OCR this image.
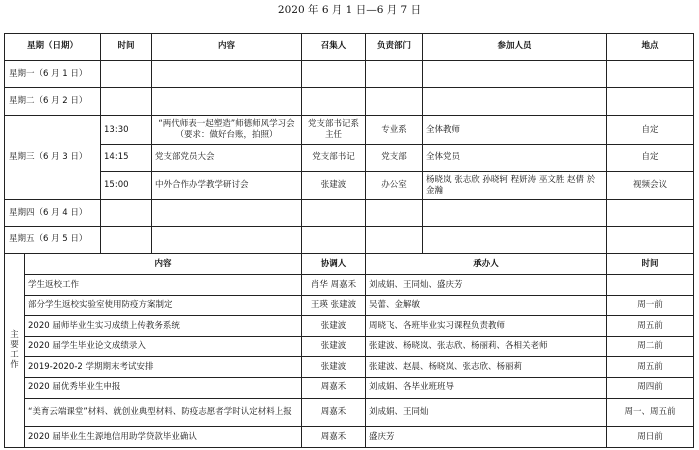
2020 年 6 月 1 日—6 月 7 日
星期（日期）		时间	内容	召集人	负责部门	参加人员	地点
星期一（6 月 1 日）							
星期二（6 月 2 日）							
星期三（6 月 3 日）		13:30	“两代师表一起塑造”师德师风学习会（要求：做好台账，拍照）	党支部书记系主任	专业系	全体教师	自定
		14:15	党支部党员大会	党支部书记	党支部	全体党员	自定
		15:00	中外合作办学教学研讨会	张建波	办公室	杨晓岚 张志欣 孙晓轲 程妍涛 巫文胜 赵倩 於金瀚	视频会议
星期四（6 月 4 日）							
星期五（6 月 5 日）							
主要工作	内容			协调人	承办人		时间
	学生返校工作			肖华 周嘉禾	刘成娟、王同灿、盛庆芳		
	部分学生返校实验室使用防疫方案制定			王瑛 张建波	吴蕾、金解敏		周一前
	2020 届师毕业生实习成绩上传教务系统			张建波	周晓飞、各班毕业实习课程负责教师		周五前
	2020 届学生毕业论文成绩录入			张建波	张建波、杨晓岚、张志欣、杨丽莉、各相关老师		周二前
	2019-2020-2 学期期末考试安排			张建波	张建波、赵晨、杨晓岚、张志欣、杨丽莉		周五前
	2020 届优秀毕业生申报			周嘉禾	刘成娟、各毕业班班导		周四前
	“美育云端课堂”材料、就创业典型材料、防疫志愿者学时认定材料上报			周嘉禾	刘成娟、王同灿		周一、周五前
	2020 届毕业生生源地信用助学贷款毕业确认			周嘉禾	盛庆芳		周日前
